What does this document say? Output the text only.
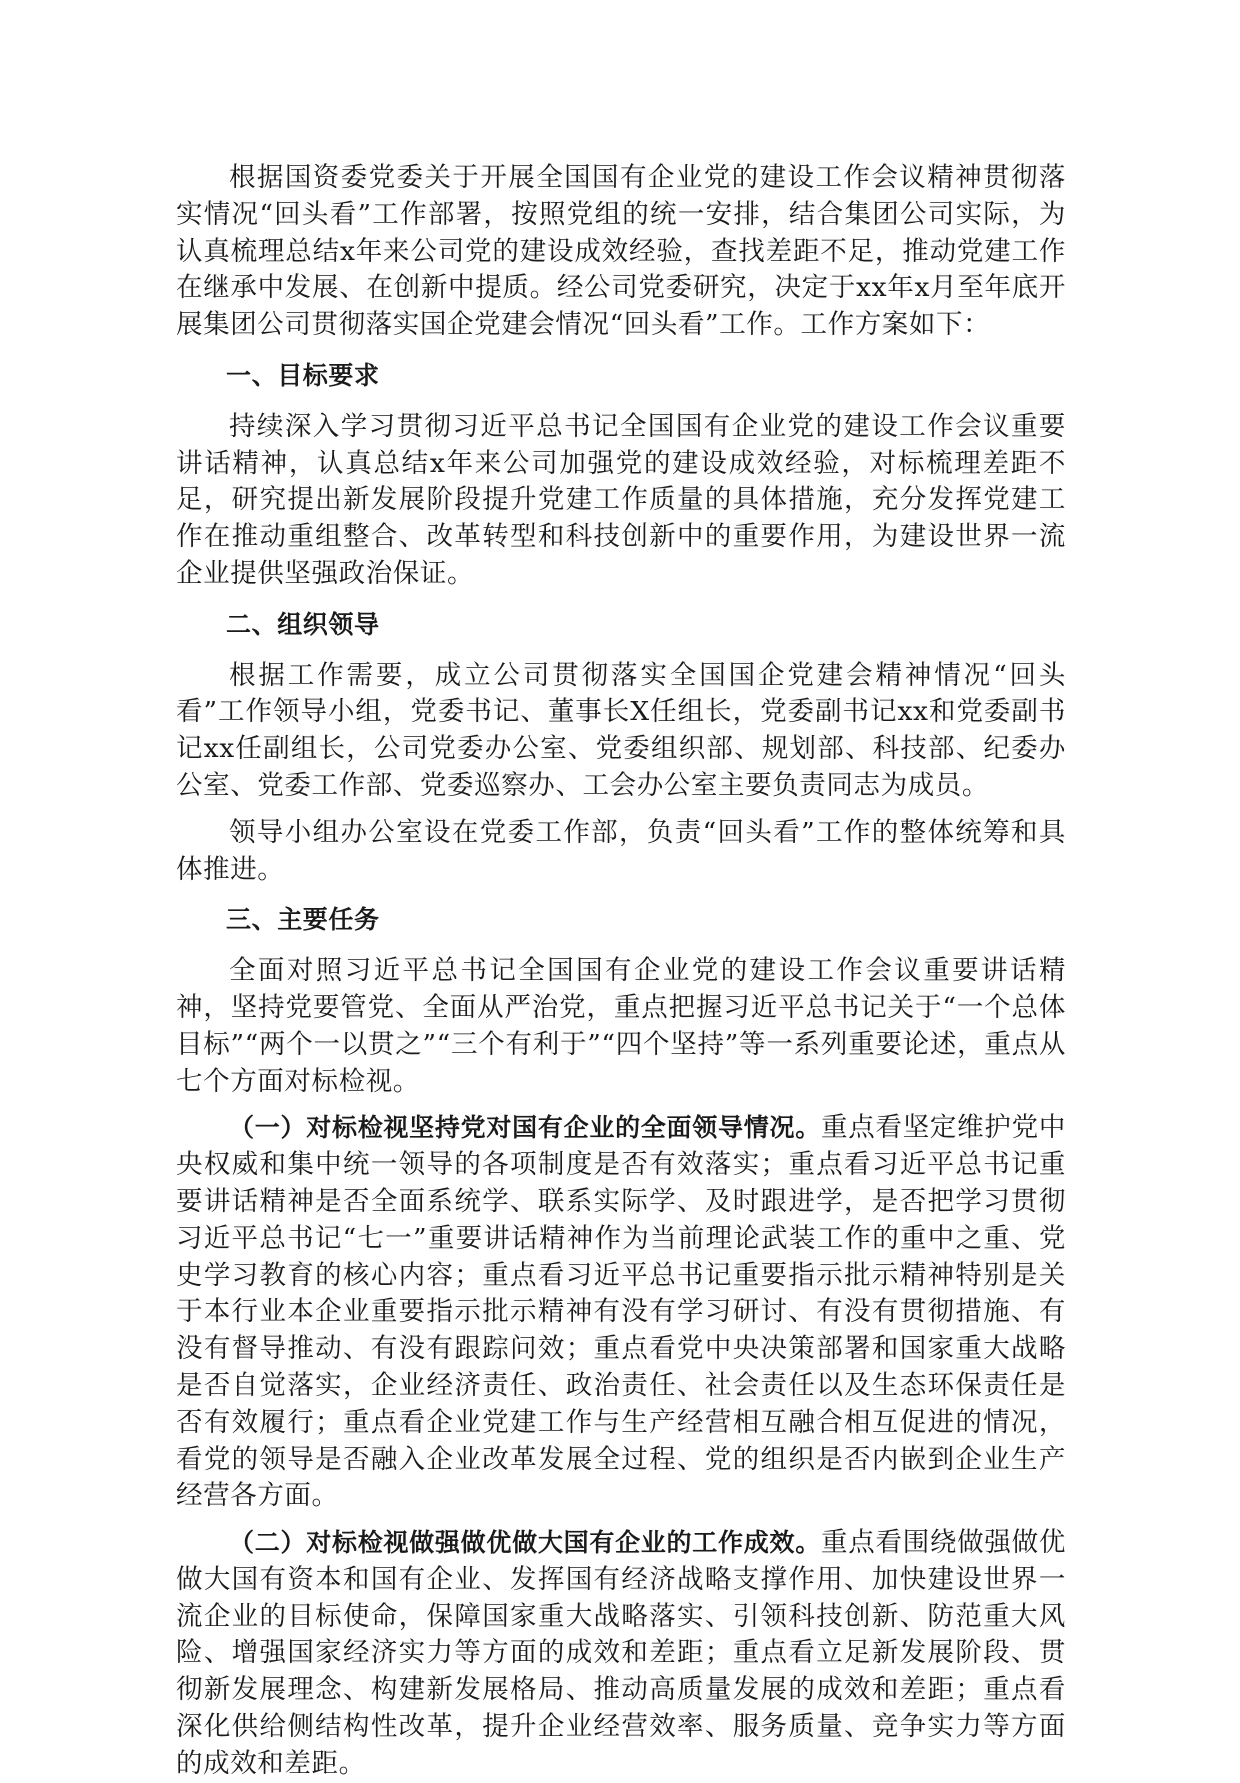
根据国资委党委关于开展全国国有企业党的建设工作会议精神贯彻落实情况“回头看”工作部署，按照党组的统一安排，结合集团公司实际，为认真梳理总结x年来公司党的建设成效经验，查找差距不足，推动党建工作在继承中发展、在创新中提质。经公司党委研究，决定于xx年x月至年底开展集团公司贯彻落实国企党建会情况“回头看”工作。工作方案如下：

一、目标要求

持续深入学习贯彻习近平总书记全国国有企业党的建设工作会议重要讲话精神，认真总结x年来公司加强党的建设成效经验，对标梳理差距不足，研究提出新发展阶段提升党建工作质量的具体措施，充分发挥党建工作在推动重组整合、改革转型和科技创新中的重要作用，为建设世界一流企业提供坚强政治保证。

二、组织领导

根据工作需要，成立公司贯彻落实全国国企党建会精神情况“回头看”工作领导小组，党委书记、董事长X任组长，党委副书记xx和党委副书记xx任副组长，公司党委办公室、党委组织部、规划部、科技部、纪委办公室、党委工作部、党委巡察办、工会办公室主要负责同志为成员。

领导小组办公室设在党委工作部，负责“回头看”工作的整体统筹和具体推进。

三、主要任务

全面对照习近平总书记全国国有企业党的建设工作会议重要讲话精神，坚持党要管党、全面从严治党，重点把握习近平总书记关于“一个总体目标”“两个一以贯之”“三个有利于”“四个坚持”等一系列重要论述，重点从七个方面对标检视。

（一）对标检视坚持党对国有企业的全面领导情况。重点看坚定维护党中央权威和集中统一领导的各项制度是否有效落实；重点看习近平总书记重要讲话精神是否全面系统学、联系实际学、及时跟进学，是否把学习贯彻习近平总书记“七一”重要讲话精神作为当前理论武装工作的重中之重、党史学习教育的核心内容；重点看习近平总书记重要指示批示精神特别是关于本行业本企业重要指示批示精神有没有学习研讨、有没有贯彻措施、有没有督导推动、有没有跟踪问效；重点看党中央决策部署和国家重大战略是否自觉落实，企业经济责任、政治责任、社会责任以及生态环保责任是否有效履行；重点看企业党建工作与生产经营相互融合相互促进的情况，看党的领导是否融入企业改革发展全过程、党的组织是否内嵌到企业生产经营各方面。

（二）对标检视做强做优做大国有企业的工作成效。重点看围绕做强做优做大国有资本和国有企业、发挥国有经济战略支撑作用、加快建设世界一流企业的目标使命，保障国家重大战略落实、引领科技创新、防范重大风险、增强国家经济实力等方面的成效和差距；重点看立足新发展阶段、贯彻新发展理念、构建新发展格局、推动高质量发展的成效和差距；重点看深化供给侧结构性改革，提升企业经营效率、服务质量、竞争实力等方面的成效和差距。
